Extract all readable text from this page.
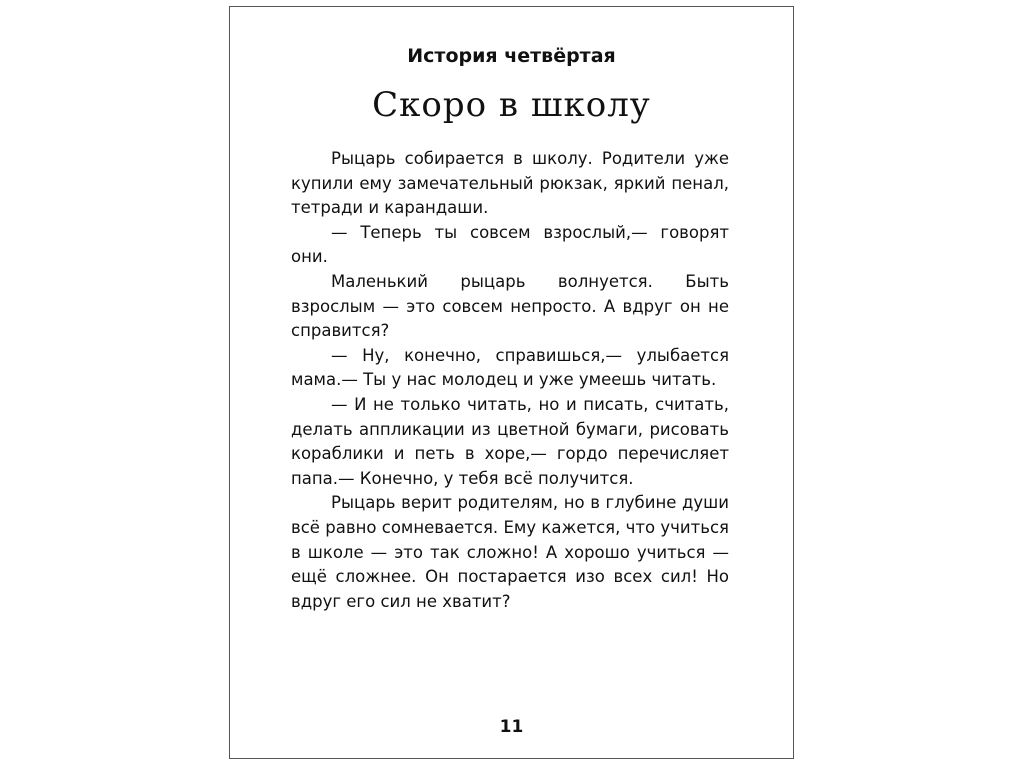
История четвёртая
Скоро в школу

Рыцарь собирается в школу. Родители уже купили ему замечательный рюкзак, яркий пенал, тетради и карандаши.

— Теперь ты совсем взрослый,— говорят они.

Маленький рыцарь волнуется. Быть взрослым — это совсем непросто. А вдруг он не справится?

— Ну, конечно, справишься,— улыбается мама.— Ты у нас молодец и уже умеешь читать.

— И не только читать, но и писать, считать, делать аппликации из цветной бумаги, рисовать кораблики и петь в хоре,— гордо перечисляет папа.— Конечно, у тебя всё получится.

Рыцарь верит родителям, но в глубине души всё равно сомневается. Ему кажется, что учиться в школе — это так сложно! А хорошо учиться — ещё сложнее. Он постарается изо всех сил! Но вдруг его сил не хватит?

11
